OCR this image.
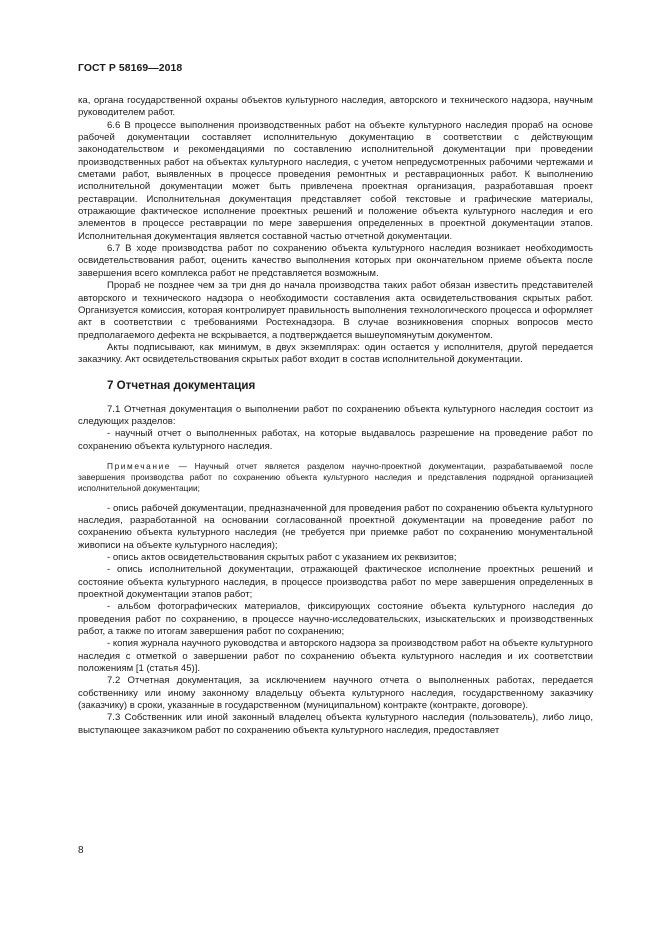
ГОСТ Р 58169—2018

ка, органа государственной охраны объектов культурного наследия, авторского и технического надзора, научным руководителем работ.

6.6 В процессе выполнения производственных работ на объекте культурного наследия прораб на основе рабочей документации составляет исполнительную документацию в соответствии с действующим законодательством и рекомендациями по составлению исполнительной документации при проведении производственных работ на объектах культурного наследия, с учетом непредусмотренных рабочими чертежами и сметами работ, выявленных в процессе проведения ремонтных и реставрационных работ. К выполнению исполнительной документации может быть привлечена проектная организация, разработавшая проект реставрации. Исполнительная документация представляет собой текстовые и графические материалы, отражающие фактическое исполнение проектных решений и положение объекта культурного наследия и его элементов в процессе реставрации по мере завершения определенных в проектной документации этапов. Исполнительная документация является составной частью отчетной документации.

6.7 В ходе производства работ по сохранению объекта культурного наследия возникает необходимость освидетельствования работ, оценить качество выполнения которых при окончательном приеме объекта после завершения всего комплекса работ не представляется возможным.

Прораб не позднее чем за три дня до начала производства таких работ обязан известить представителей авторского и технического надзора о необходимости составления акта освидетельствования скрытых работ. Организуется комиссия, которая контролирует правильность выполнения технологического процесса и оформляет акт в соответствии с требованиями Ростехнадзора. В случае возникновения спорных вопросов место предполагаемого дефекта не вскрывается, а подтверждается вышеупомянутым документом.

Акты подписывают, как минимум, в двух экземплярах: один остается у исполнителя, другой передается заказчику. Акт освидетельствования скрытых работ входит в состав исполнительной документации.

7 Отчетная документация

7.1 Отчетная документация о выполнении работ по сохранению объекта культурного наследия состоит из следующих разделов:

- научный отчет о выполненных работах, на которые выдавалось разрешение на проведение работ по сохранению объекта культурного наследия.

Примечание — Научный отчет является разделом научно-проектной документации, разрабатываемой после завершения производства работ по сохранению объекта культурного наследия и представления подрядной организацией исполнительной документации;

- опись рабочей документации, предназначенной для проведения работ по сохранению объекта культурного наследия, разработанной на основании согласованной проектной документации на проведение работ по сохранению объекта культурного наследия (не требуется при приемке работ по сохранению монументальной живописи на объекте культурного наследия);

- опись актов освидетельствования скрытых работ с указанием их реквизитов;

- опись исполнительной документации, отражающей фактическое исполнение проектных решений и состояние объекта культурного наследия, в процессе производства работ по мере завершения определенных в проектной документации этапов работ;

- альбом фотографических материалов, фиксирующих состояние объекта культурного наследия до проведения работ по сохранению, в процессе научно-исследовательских, изыскательских и производственных работ, а также по итогам завершения работ по сохранению;

- копия журнала научного руководства и авторского надзора за производством работ на объекте культурного наследия с отметкой о завершении работ по сохранению объекта культурного наследия и их соответствии положениям [1 (статья 45)].

7.2 Отчетная документация, за исключением научного отчета о выполненных работах, передается собственнику или иному законному владельцу объекта культурного наследия, государственному заказчику (заказчику) в сроки, указанные в государственном (муниципальном) контракте (контракте, договоре).

7.3 Собственник или иной законный владелец объекта культурного наследия (пользователь), либо лицо, выступающее заказчиком работ по сохранению объекта культурного наследия, предоставляет

8
